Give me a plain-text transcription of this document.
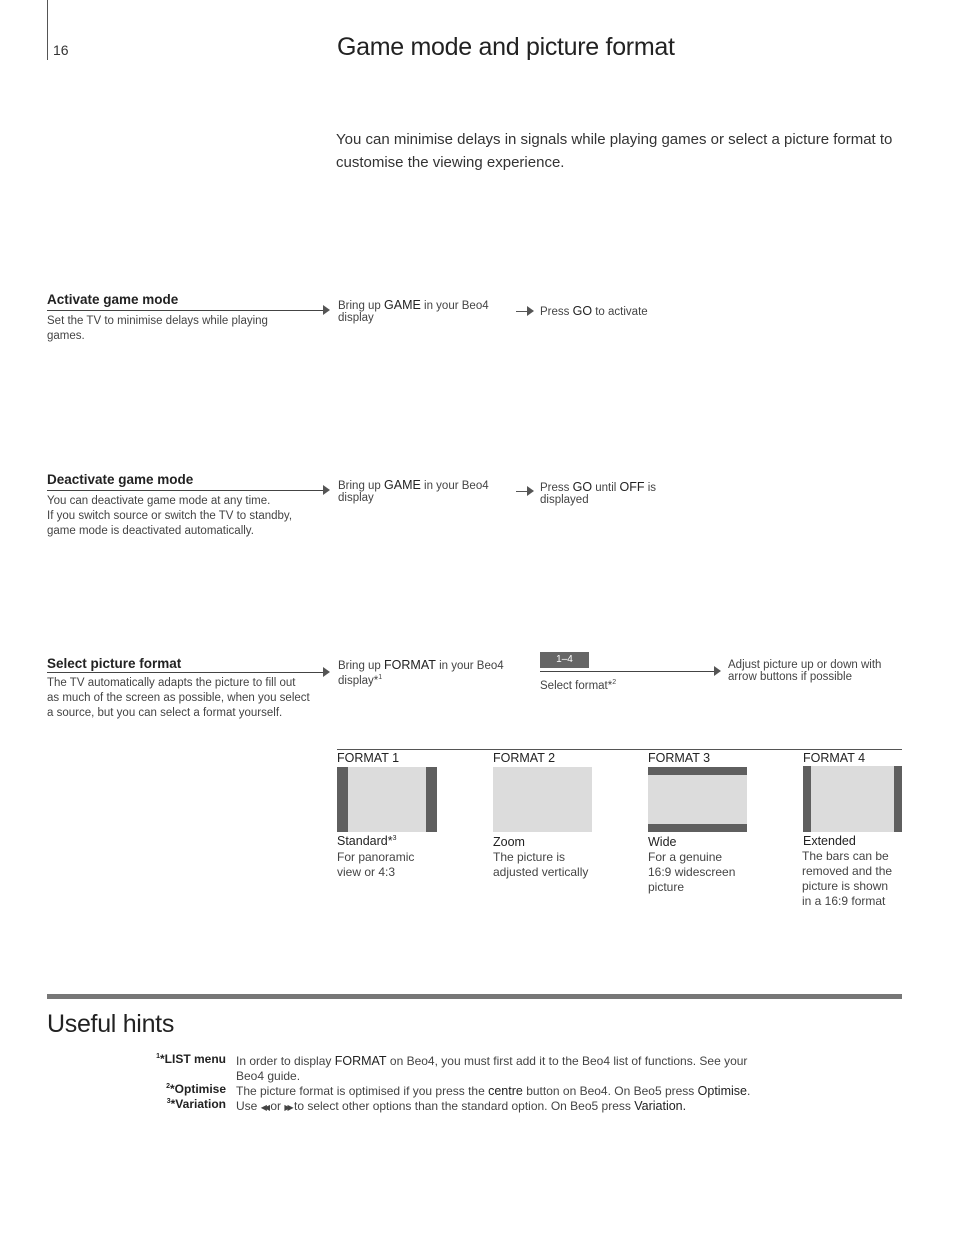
16	Game mode and picture format
You can minimise delays in signals while playing games or select a picture format to customise the viewing experience.
Activate game mode
Set the TV to minimise delays while playing games.
Bring up GAME in your Beo4
display	Press GO to activate
Deactivate game mode
You can deactivate game mode at any time.
If you switch source or switch the TV to standby,
game mode is deactivated automatically.
Bring up GAME in your Beo4
display
Press GO until OFF is
displayed
Select picture format
The TV automatically adapts the picture to fill out
as much of the screen as possible, when you select
a source, but you can select a format yourself.
Bring up FORMAT in your Beo4
display*$^1$
1–4
Select format*$^2$
Adjust picture up or down with
arrow buttons if possible
FORMAT 1
Standard*$^3$
For panoramic
view or 4:3
FORMAT 2
Zoom
The picture is
adjusted vertically
FORMAT 3
Wide
For a genuine
16:9 widescreen
picture
FORMAT 4
Extended
The bars can be
removed and the
picture is shown
in a 16:9 format
Useful hints
$^1$*LIST menu In order to display FORMAT on Beo4, you must first add it to the Beo4 list of functions. See your
Beo4 guide.
$^2$*Optimise The picture format is optimised if you press the centre button on Beo4. On Beo5 press Optimise.
$^3$*Variation Use ◀◀ or ▶▶ to select other options than the standard option. On Beo5 press Variation.
